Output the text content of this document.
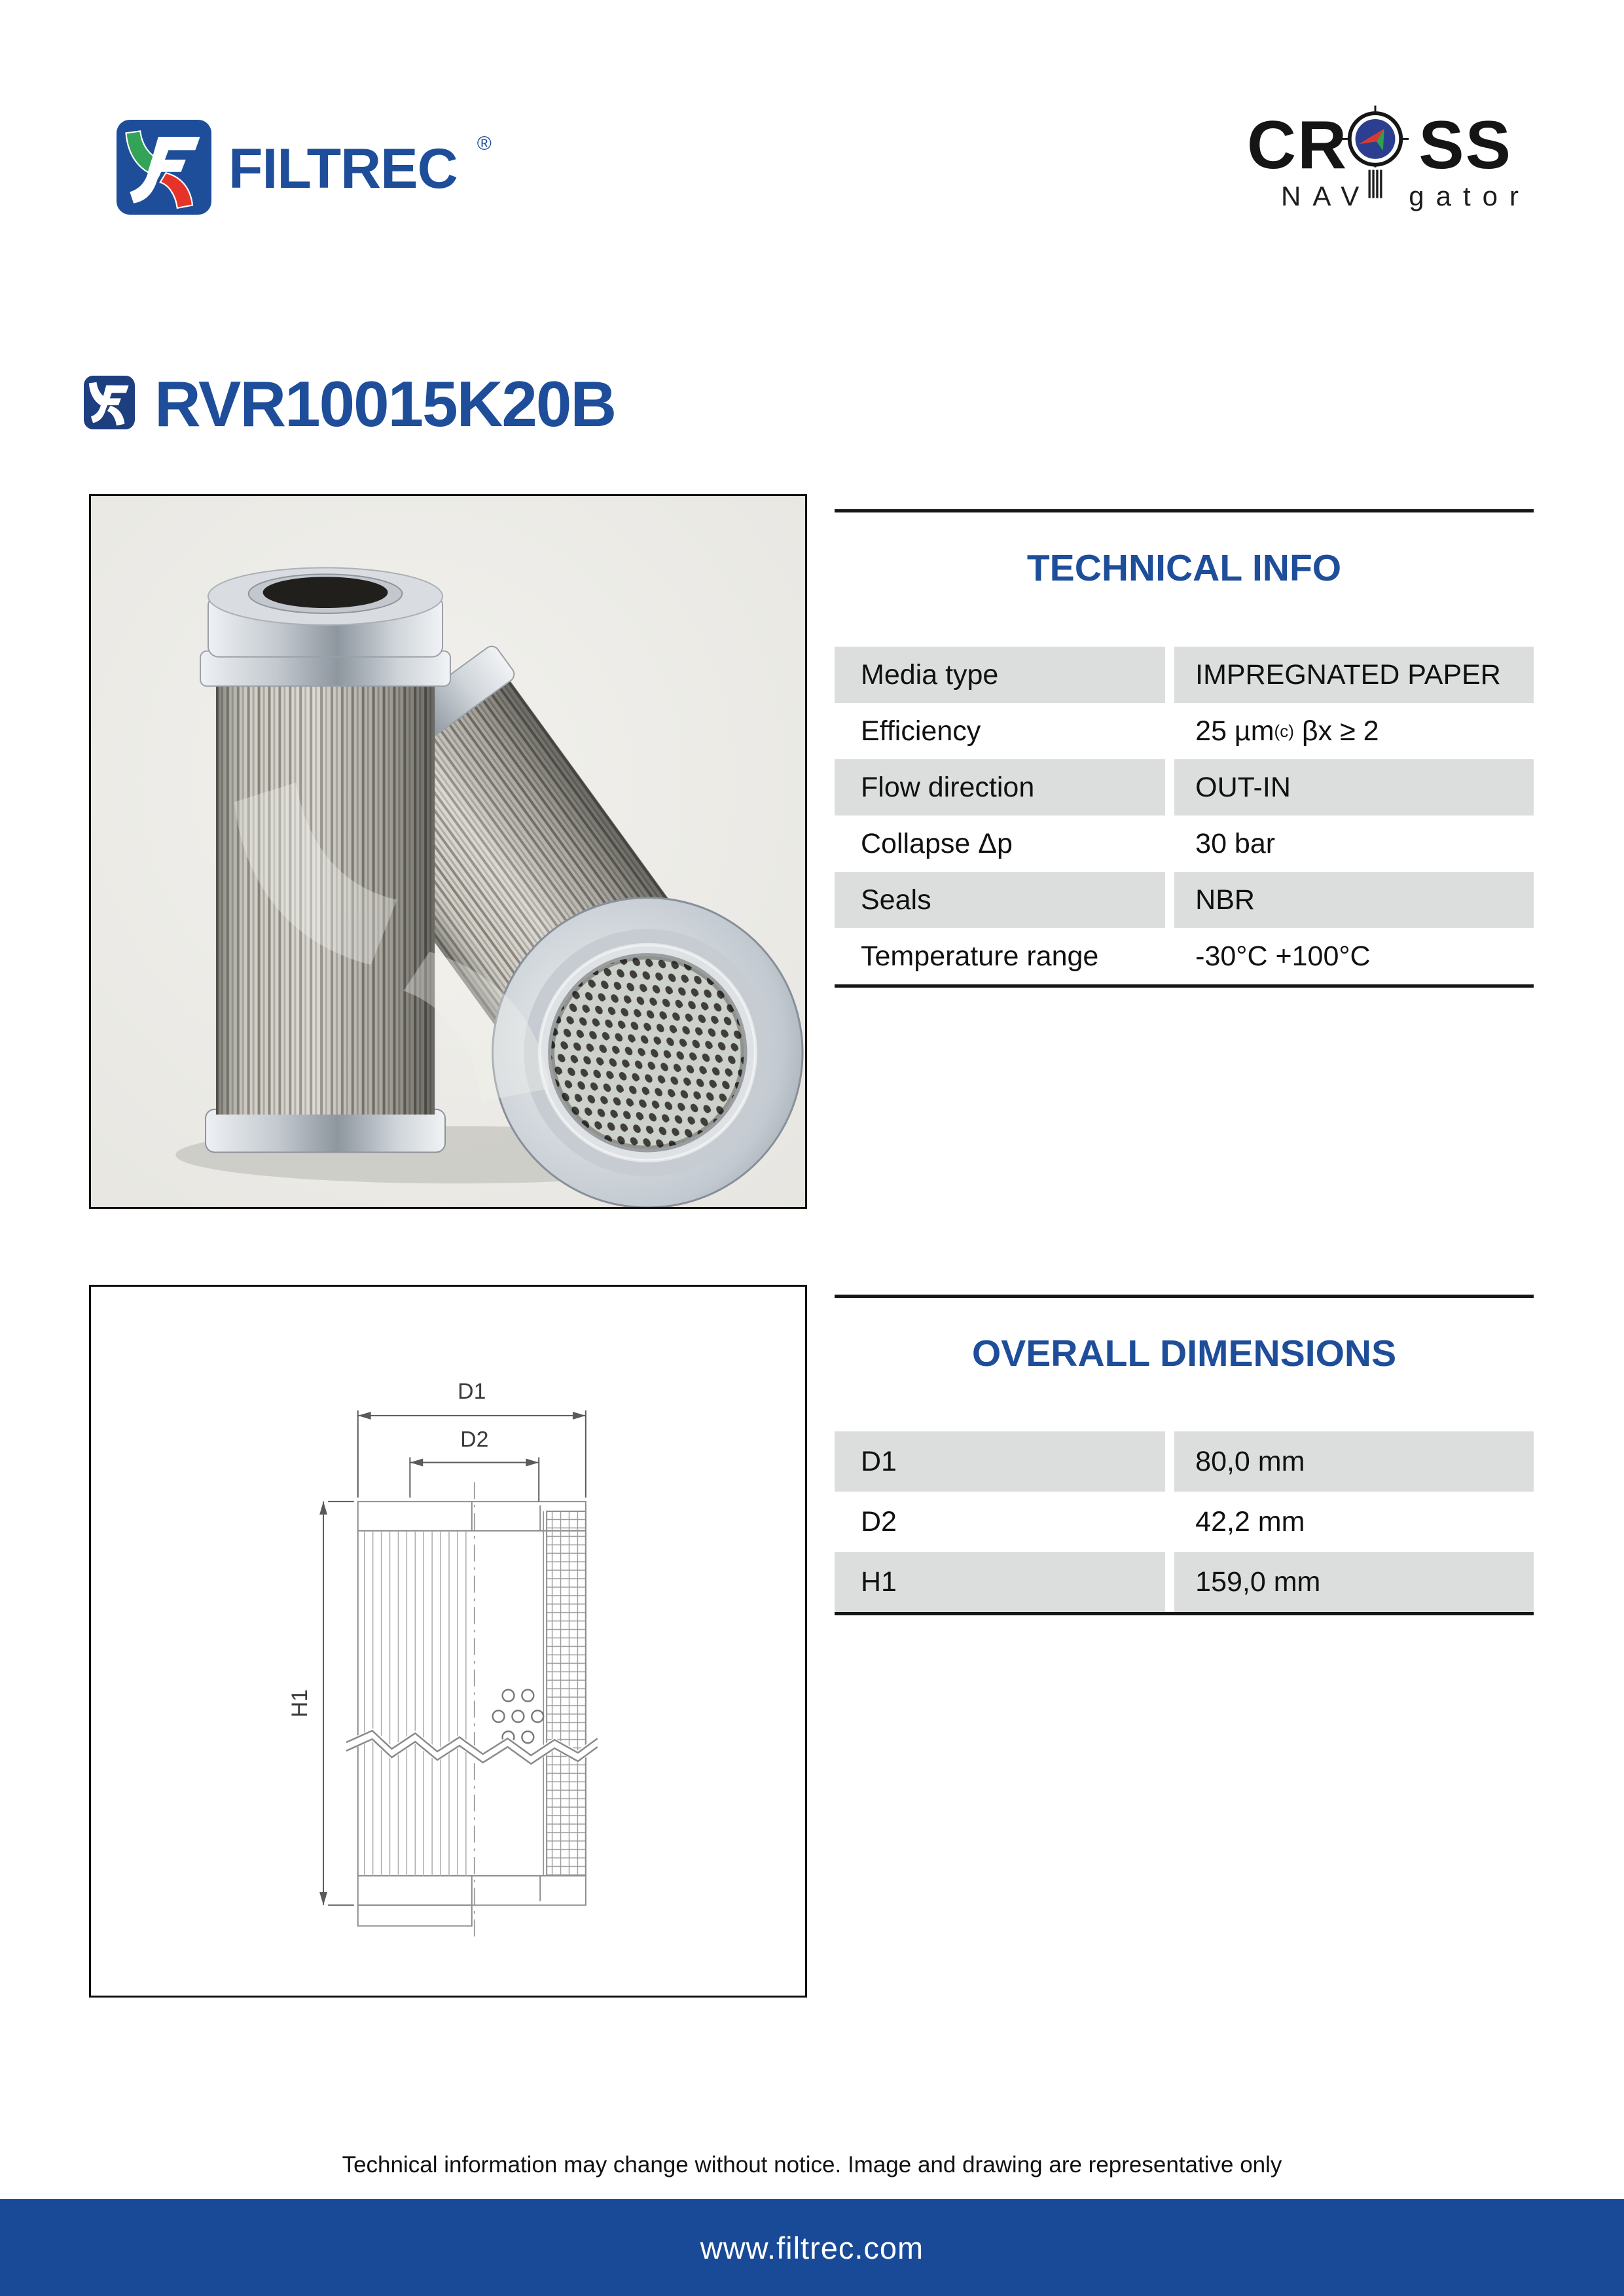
FILTREC ®	CR SS
NAV gator
RVR10015K20B
TECHNICAL INFO
Media type	IMPREGNATED PAPER
Efficiency	25 µm (c) βx ≥ 2
Flow direction	OUT-IN
Collapse Δp	30 bar
Seals	NBR
Temperature range	-30°C +100°C
D1
D2
H1
OVERALL DIMENSIONS
D1	80,0 mm
D2	42,2 mm
H1	159,0 mm
Technical information may change without notice. Image and drawing are representative only
www.filtrec.com
